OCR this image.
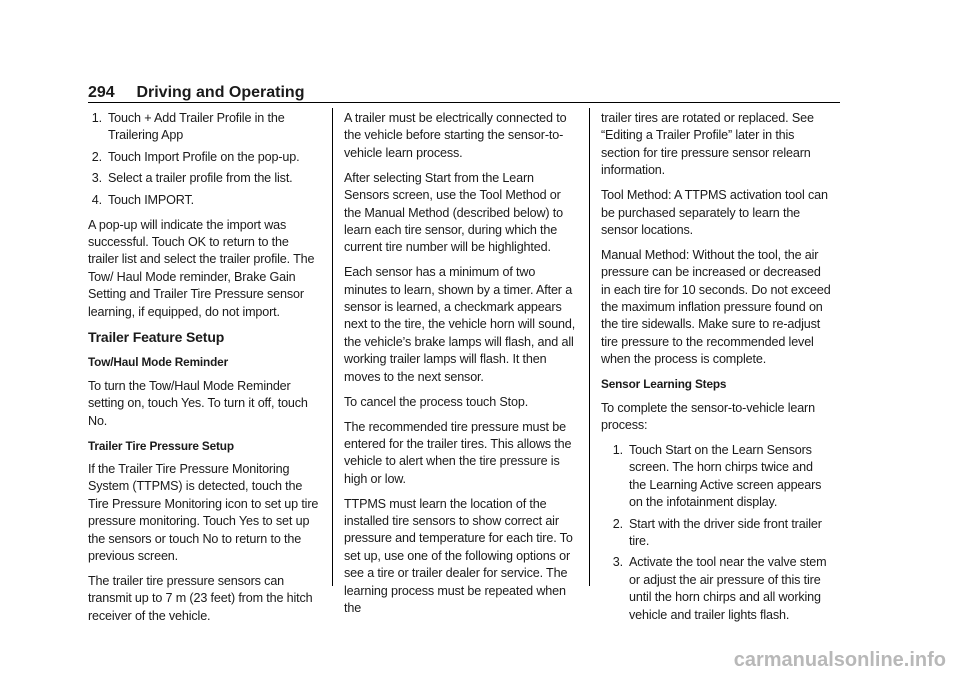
294 Driving and Operating
1. Touch + Add Trailer Profile in the Trailering App
2. Touch Import Profile on the pop-up.
3. Select a trailer profile from the list.
4. Touch IMPORT.

A pop-up will indicate the import was successful. Touch OK to return to the trailer list and select the trailer profile. The Tow/ Haul Mode reminder, Brake Gain Setting and Trailer Tire Pressure sensor learning, if equipped, do not import.

Trailer Feature Setup
Tow/Haul Mode Reminder

To turn the Tow/Haul Mode Reminder setting on, touch Yes. To turn it off, touch No.

Trailer Tire Pressure Setup

If the Trailer Tire Pressure Monitoring System (TTPMS) is detected, touch the Tire Pressure Monitoring icon to set up tire pressure monitoring. Touch Yes to set up the sensors or touch No to return to the previous screen.

The trailer tire pressure sensors can transmit up to 7 m (23 feet) from the hitch receiver of the vehicle.

A trailer must be electrically connected to the vehicle before starting the sensor-to-vehicle learn process.

After selecting Start from the Learn Sensors screen, use the Tool Method or the Manual Method (described below) to learn each tire sensor, during which the current tire number will be highlighted.

Each sensor has a minimum of two minutes to learn, shown by a timer. After a sensor is learned, a checkmark appears next to the tire, the vehicle horn will sound, the vehicle’s brake lamps will flash, and all working trailer lamps will flash. It then moves to the next sensor.

To cancel the process touch Stop.

The recommended tire pressure must be entered for the trailer tires. This allows the vehicle to alert when the tire pressure is high or low.

TTPMS must learn the location of the installed tire sensors to show correct air pressure and temperature for each tire. To set up, use one of the following options or see a tire or trailer dealer for service. The learning process must be repeated when the

trailer tires are rotated or replaced. See “Editing a Trailer Profile” later in this section for tire pressure sensor relearn information.

Tool Method: A TTPMS activation tool can be purchased separately to learn the sensor locations.

Manual Method: Without the tool, the air pressure can be increased or decreased in each tire for 10 seconds. Do not exceed the maximum inflation pressure found on the tire sidewalls. Make sure to re-adjust tire pressure to the recommended level when the process is complete.

Sensor Learning Steps

To complete the sensor-to-vehicle learn process:

1. Touch Start on the Learn Sensors screen. The horn chirps twice and the Learning Active screen appears on the infotainment display.
2. Start with the driver side front trailer tire.
3. Activate the tool near the valve stem or adjust the air pressure of this tire until the horn chirps and all working vehicle and trailer lights flash.
carmanualsonline.info
